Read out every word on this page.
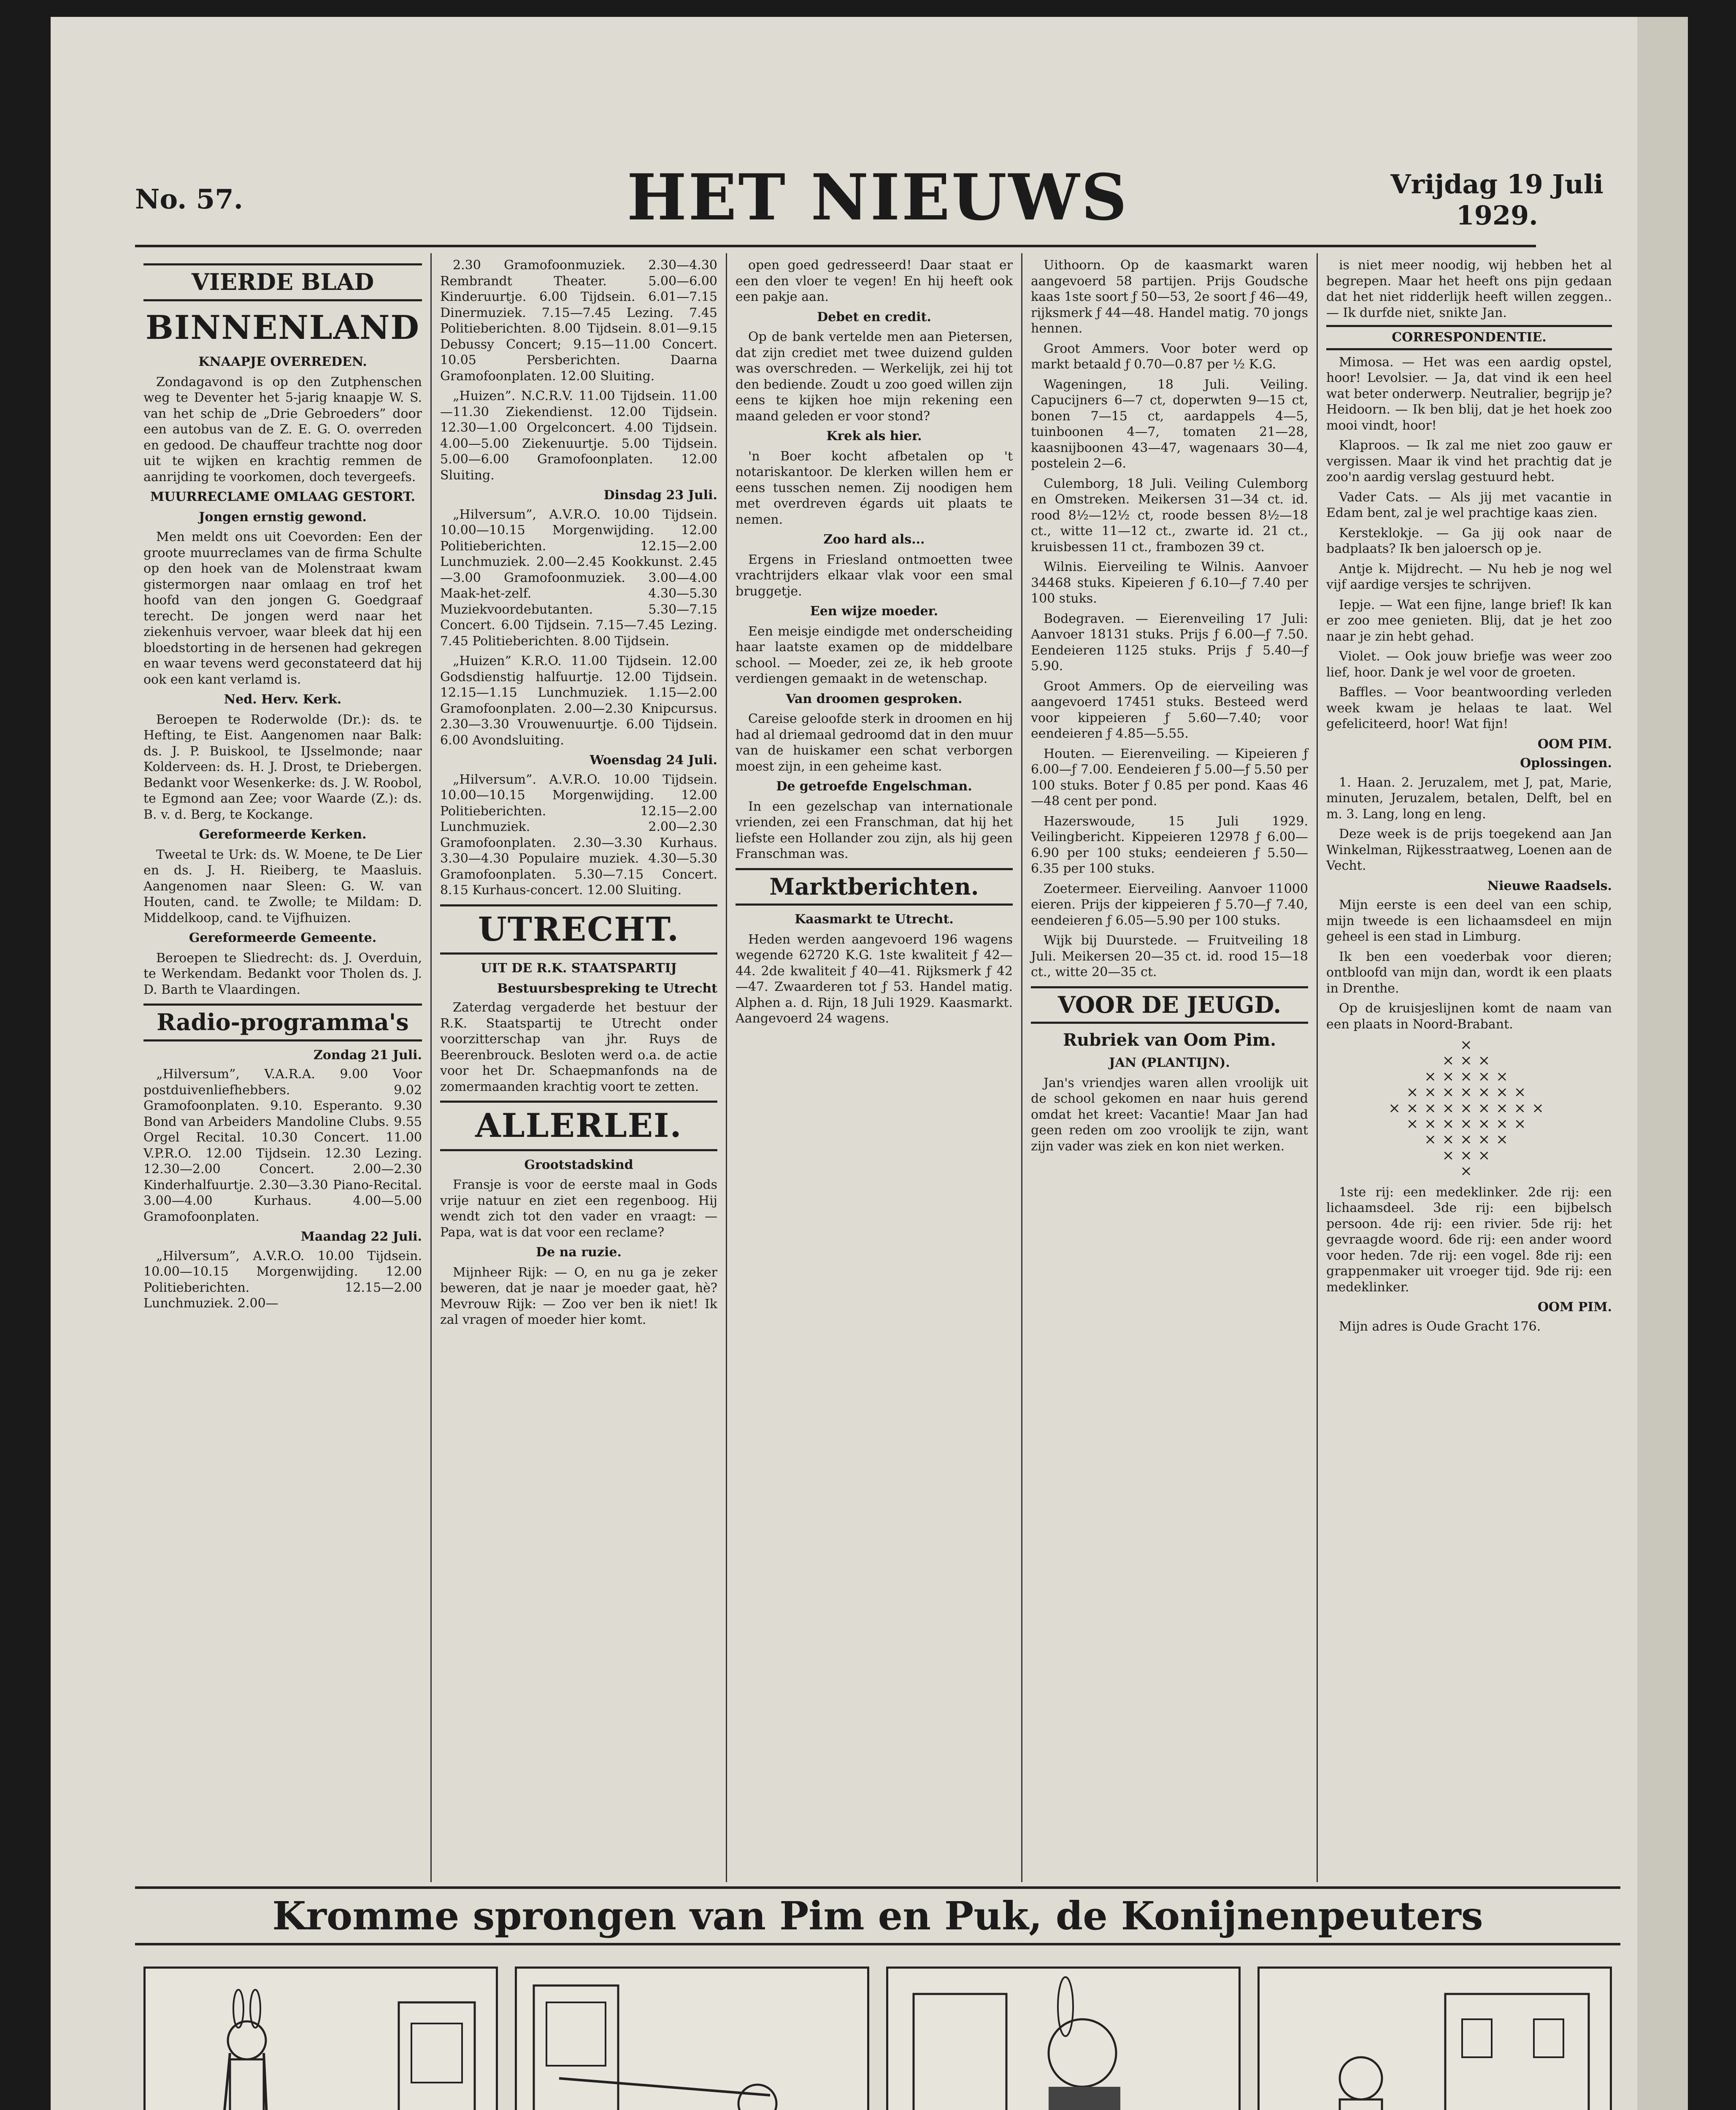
No. 57.	HET NIEUWS	Vrijdag 19 Juli
1929.
VIERDE BLAD
BINNENLAND
KNAAPJE OVERREDEN.

Zondagavond is op den Zutphenschen weg te Deventer het 5-jarig knaapje W. S. van het schip de „Drie Gebroeders” door een autobus van de Z. E. G. O. overreden en gedood. De chauffeur trachtte nog door uit te wijken en krachtig remmen de aanrijding te voorkomen, doch tevergeefs.

MUURRECLAME OMLAAG GESTORT.
Jongen ernstig gewond.

Men meldt ons uit Coevorden: Een der groote muurreclames van de firma Schulte op den hoek van de Molenstraat kwam gistermorgen naar omlaag en trof het hoofd van den jongen G. Goedgraaf terecht. De jongen werd naar het ziekenhuis vervoer, waar bleek dat hij een bloedstorting in de hersenen had gekregen en waar tevens werd geconstateerd dat hij ook een kant verlamd is.

Ned. Herv. Kerk.

Beroepen te Roderwolde (Dr.): ds. te Hefting, te Eist. Aangenomen naar Balk: ds. J. P. Buiskool, te IJsselmonde; naar Kolderveen: ds. H. J. Drost, te Driebergen. Bedankt voor Wesenkerke: ds. J. W. Roobol, te Egmond aan Zee; voor Waarde (Z.): ds. B. v. d. Berg, te Kockange.

Gereformeerde Kerken.

Tweetal te Urk: ds. W. Moene, te De Lier en ds. J. H. Rieiberg, te Maasluis. Aangenomen naar Sleen: G. W. van Houten, cand. te Zwolle; te Mildam: D. Middelkoop, cand. te Vijfhuizen.

Gereformeerde Gemeente.

Beroepen te Sliedrecht: ds. J. Overduin, te Werkendam. Bedankt voor Tholen ds. J. D. Barth te Vlaardingen.

Radio-programma's
Zondag 21 Juli.

„Hilversum”, V.A.R.A. 9.00 Voor postduivenliefhebbers. 9.02 Gramofoonplaten. 9.10. Esperanto. 9.30 Bond van Arbeiders Mandoline Clubs. 9.55 Orgel Recital. 10.30 Concert. 11.00 V.P.R.O. 12.00 Tijdsein. 12.30 Lezing. 12.30—2.00 Concert. 2.00—2.30 Kinderhalfuurtje. 2.30—3.30 Piano-Recital. 3.00—4.00 Kurhaus. 4.00—5.00 Gramofoonplaten.

Maandag 22 Juli.

„Hilversum”, A.V.R.O. 10.00 Tijdsein. 10.00—10.15 Morgenwijding. 12.00 Politieberichten. 12.15—2.00 Lunchmuziek. 2.00—

2.30 Gramofoonmuziek. 2.30—4.30 Rembrandt Theater. 5.00—6.00 Kinderuurtje. 6.00 Tijdsein. 6.01—7.15 Dinermuziek. 7.15—7.45 Lezing. 7.45 Politieberichten. 8.00 Tijdsein. 8.01—9.15 Debussy Concert; 9.15—11.00 Concert. 10.05 Persberichten. Daarna Gramofoonplaten. 12.00 Sluiting.

„Huizen”. N.C.R.V. 11.00 Tijdsein. 11.00—11.30 Ziekendienst. 12.00 Tijdsein. 12.30—1.00 Orgelconcert. 4.00 Tijdsein. 4.00—5.00 Ziekenuurtje. 5.00 Tijdsein. 5.00—6.00 Gramofoonplaten. 12.00 Sluiting.

Dinsdag 23 Juli.

„Hilversum”, A.V.R.O. 10.00 Tijdsein. 10.00—10.15 Morgenwijding. 12.00 Politieberichten. 12.15—2.00 Lunchmuziek. 2.00—2.45 Kookkunst. 2.45—3.00 Gramofoonmuziek. 3.00—4.00 Maak-het-zelf. 4.30—5.30 Muziekvoordebutanten. 5.30—7.15 Concert. 6.00 Tijdsein. 7.15—7.45 Lezing. 7.45 Politieberichten. 8.00 Tijdsein.

„Huizen” K.R.O. 11.00 Tijdsein. 12.00 Godsdienstig halfuurtje. 12.00 Tijdsein. 12.15—1.15 Lunchmuziek. 1.15—2.00 Gramofoonplaten. 2.00—2.30 Knipcursus. 2.30—3.30 Vrouwenuurtje. 6.00 Tijdsein. 6.00 Avondsluiting.

Woensdag 24 Juli.

„Hilversum”. A.V.R.O. 10.00 Tijdsein. 10.00—10.15 Morgenwijding. 12.00 Politieberichten. 12.15—2.00 Lunchmuziek. 2.00—2.30 Gramofoonplaten. 2.30—3.30 Kurhaus. 3.30—4.30 Populaire muziek. 4.30—5.30 Gramofoonplaten. 5.30—7.15 Concert. 8.15 Kurhaus-concert. 12.00 Sluiting.

UTRECHT.
UIT DE R.K. STAATSPARTIJ
Bestuursbespreking te Utrecht

Zaterdag vergaderde het bestuur der R.K. Staatspartij te Utrecht onder voorzitterschap van jhr. Ruys de Beerenbrouck. Besloten werd o.a. de actie voor het Dr. Schaepmanfonds na de zomermaanden krachtig voort te zetten.

ALLERLEI.
Grootstadskind

Fransje is voor de eerste maal in Gods vrije natuur en ziet een regenboog. Hij wendt zich tot den vader en vraagt: — Papa, wat is dat voor een reclame?

De na ruzie.

Mijnheer Rijk: — O, en nu ga je zeker beweren, dat je naar je moeder gaat, hè? Mevrouw Rijk: — Zoo ver ben ik niet! Ik zal vragen of moeder hier komt.

open goed gedresseerd! Daar staat er een den vloer te vegen! En hij heeft ook een pakje aan.

Debet en credit.

Op de bank vertelde men aan Pietersen, dat zijn crediet met twee duizend gulden was overschreden. — Werkelijk, zei hij tot den bediende. Zoudt u zoo goed willen zijn eens te kijken hoe mijn rekening een maand geleden er voor stond?

Krek als hier.

'n Boer kocht afbetalen op 't notariskantoor. De klerken willen hem er eens tusschen nemen. Zij noodigen hem met overdreven égards uit plaats te nemen.

Zoo hard als...

Ergens in Friesland ontmoetten twee vrachtrijders elkaar vlak voor een smal bruggetje.

Een wijze moeder.

Een meisje eindigde met onderscheiding haar laatste examen op de middelbare school. — Moeder, zei ze, ik heb groote verdiengen gemaakt in de wetenschap.

Van droomen gesproken.

Careise geloofde sterk in droomen en hij had al driemaal gedroomd dat in den muur van de huiskamer een schat verborgen moest zijn, in een geheime kast.

De getroefde Engelschman.

In een gezelschap van internationale vrienden, zei een Franschman, dat hij het liefste een Hollander zou zijn, als hij geen Franschman was.

Marktberichten.
Kaasmarkt te Utrecht.

Heden werden aangevoerd 196 wagens wegende 62720 K.G. 1ste kwaliteit ƒ 42—44. 2de kwaliteit ƒ 40—41. Rijksmerk ƒ 42—47. Zwaarderen tot ƒ 53. Handel matig. Alphen a. d. Rijn, 18 Juli 1929. Kaasmarkt. Aangevoerd 24 wagens.

Uithoorn. Op de kaasmarkt waren aangevoerd 58 partijen. Prijs Goudsche kaas 1ste soort ƒ 50—53, 2e soort ƒ 46—49, rijksmerk ƒ 44—48. Handel matig. 70 jongs hennen.

Groot Ammers. Voor boter werd op markt betaald ƒ 0.70—0.87 per ½ K.G.

Wageningen, 18 Juli. Veiling. Capucijners 6—7 ct, doperwten 9—15 ct, bonen 7—15 ct, aardappels 4—5, tuinboonen 4—7, tomaten 21—28, kaasnijboonen 43—47, wagenaars 30—4, postelein 2—6.

Culemborg, 18 Juli. Veiling Culemborg en Omstreken. Meikersen 31—34 ct. id. rood 8½—12½ ct, roode bessen 8½—18 ct., witte 11—12 ct., zwarte id. 21 ct., kruisbessen 11 ct., frambozen 39 ct.

Wilnis. Eierveiling te Wilnis. Aanvoer 34468 stuks. Kipeieren ƒ 6.10—ƒ 7.40 per 100 stuks.

Bodegraven. — Eierenveiling 17 Juli: Aanvoer 18131 stuks. Prijs ƒ 6.00—ƒ 7.50. Eendeieren 1125 stuks. Prijs ƒ 5.40—ƒ 5.90.

Groot Ammers. Op de eierveiling was aangevoerd 17451 stuks. Besteed werd voor kippeieren ƒ 5.60—7.40; voor eendeieren ƒ 4.85—5.55.

Houten. — Eierenveiling. — Kipeieren ƒ 6.00—ƒ 7.00. Eendeieren ƒ 5.00—ƒ 5.50 per 100 stuks. Boter ƒ 0.85 per pond. Kaas 46—48 cent per pond.

Hazerswoude, 15 Juli 1929. Veilingbericht. Kippeieren 12978 ƒ 6.00—6.90 per 100 stuks; eendeieren ƒ 5.50—6.35 per 100 stuks.

Zoetermeer. Eierveiling. Aanvoer 11000 eieren. Prijs der kippeieren ƒ 5.70—ƒ 7.40, eendeieren ƒ 6.05—5.90 per 100 stuks.

Wijk bij Duurstede. — Fruitveiling 18 Juli. Meikersen 20—35 ct. id. rood 15—18 ct., witte 20—35 ct.

VOOR DE JEUGD.
Rubriek van Oom Pim.
JAN (PLANTIJN).

Jan's vriendjes waren allen vroolijk uit de school gekomen en naar huis gerend omdat het kreet: Vacantie! Maar Jan had geen reden om zoo vroolijk te zijn, want zijn vader was ziek en kon niet werken.

is niet meer noodig, wij hebben het al begrepen. Maar het heeft ons pijn gedaan dat het niet ridderlijk heeft willen zeggen.. — Ik durfde niet, snikte Jan.

CORRESPONDENTIE.

Mimosa. — Het was een aardig opstel, hoor! Levolsier. — Ja, dat vind ik een heel wat beter onderwerp. Neutralier, begrijp je? Heidoorn. — Ik ben blij, dat je het hoek zoo mooi vindt, hoor!

Klaproos. — Ik zal me niet zoo gauw er vergissen. Maar ik vind het prachtig dat je zoo'n aardig verslag gestuurd hebt.

Vader Cats. — Als jij met vacantie in Edam bent, zal je wel prachtige kaas zien.

Kersteklokje. — Ga jij ook naar de badplaats? Ik ben jaloersch op je.

Antje k. Mijdrecht. — Nu heb je nog wel vijf aardige versjes te schrijven.

Iepje. — Wat een fijne, lange brief! Ik kan er zoo mee genieten. Blij, dat je het zoo naar je zin hebt gehad.

Violet. — Ook jouw briefje was weer zoo lief, hoor. Dank je wel voor de groeten.

Baffles. — Voor beantwoording verleden week kwam je helaas te laat. Wel gefeliciteerd, hoor! Wat fijn!

OOM PIM.
Oplossingen.

1. Haan. 2. Jeruzalem, met J, pat, Marie, minuten, Jeruzalem, betalen, Delft, bel en m. 3. Lang, long en leng.

Deze week is de prijs toegekend aan Jan Winkelman, Rijkesstraatweg, Loenen aan de Vecht.

Nieuwe Raadsels.

Mijn eerste is een deel van een schip, mijn tweede is een lichaamsdeel en mijn geheel is een stad in Limburg.

Ik ben een voederbak voor dieren; ontbloofd van mijn dan, wordt ik een plaats in Drenthe.

Op de kruisjeslijnen komt de naam van een plaats in Noord-Brabant.

×
×××
×××××
×××××××
×××××××××
×××××××
×××××
×××
×

1ste rij: een medeklinker. 2de rij: een lichaamsdeel. 3de rij: een bijbelsch persoon. 4de rij: een rivier. 5de rij: het gevraagde woord. 6de rij: een ander woord voor heden. 7de rij: een vogel. 8de rij: een grappenmaker uit vroeger tijd. 9de rij: een medeklinker.

OOM PIM.

Mijn adres is Oude Gracht 176.

Kromme sprongen van Pim en Puk, de Konijnenpeuters
